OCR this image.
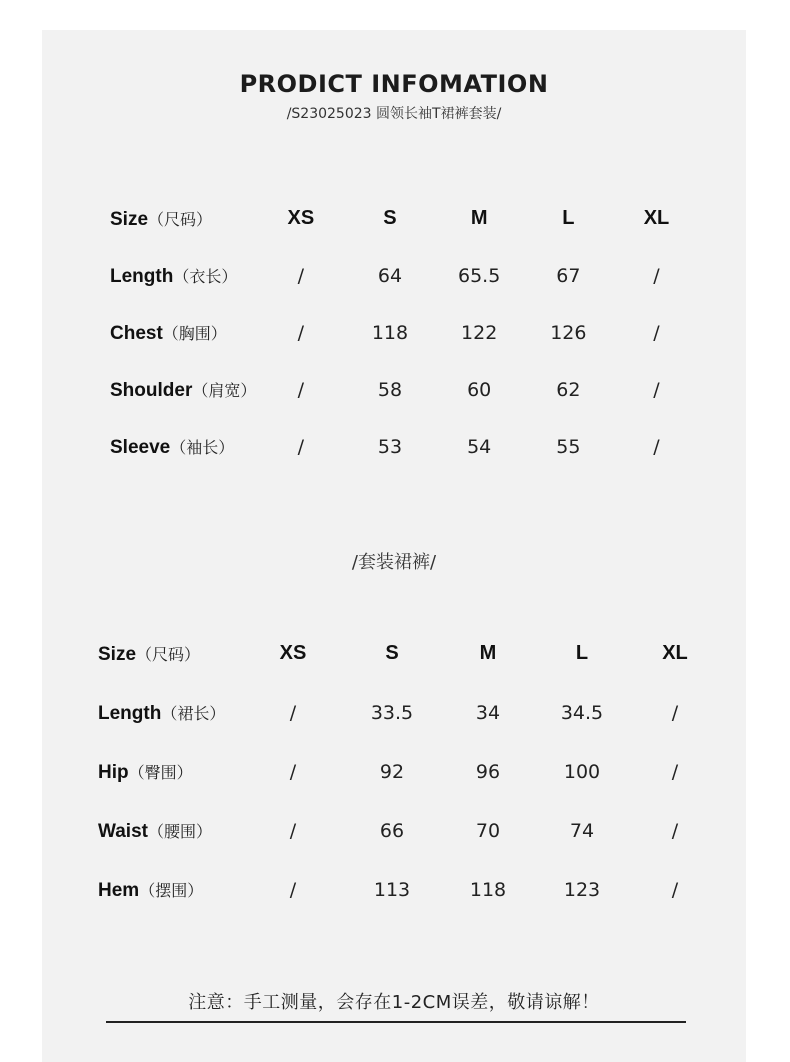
PRODICT INFOMATION
/S23025023 圆领长袖T裙裤套装/
Size（尺码）	XS	S	M	L	XL
Length（衣长）	/	64	65.5	67	/
Chest（胸围）	/	118	122	126	/
Shoulder（肩宽）	/	58	60	62	/
Sleeve（袖长）	/	53	54	55	/
/套装裙裤/
Size（尺码）	XS	S	M	L	XL
Length（裙长）	/	33.5	34	34.5	/
Hip（臀围）	/	92	96	100	/
Waist（腰围）	/	66	70	74	/
Hem（摆围）	/	113	118	123	/
注意：手工测量，会存在1-2CM误差，敬请谅解！
